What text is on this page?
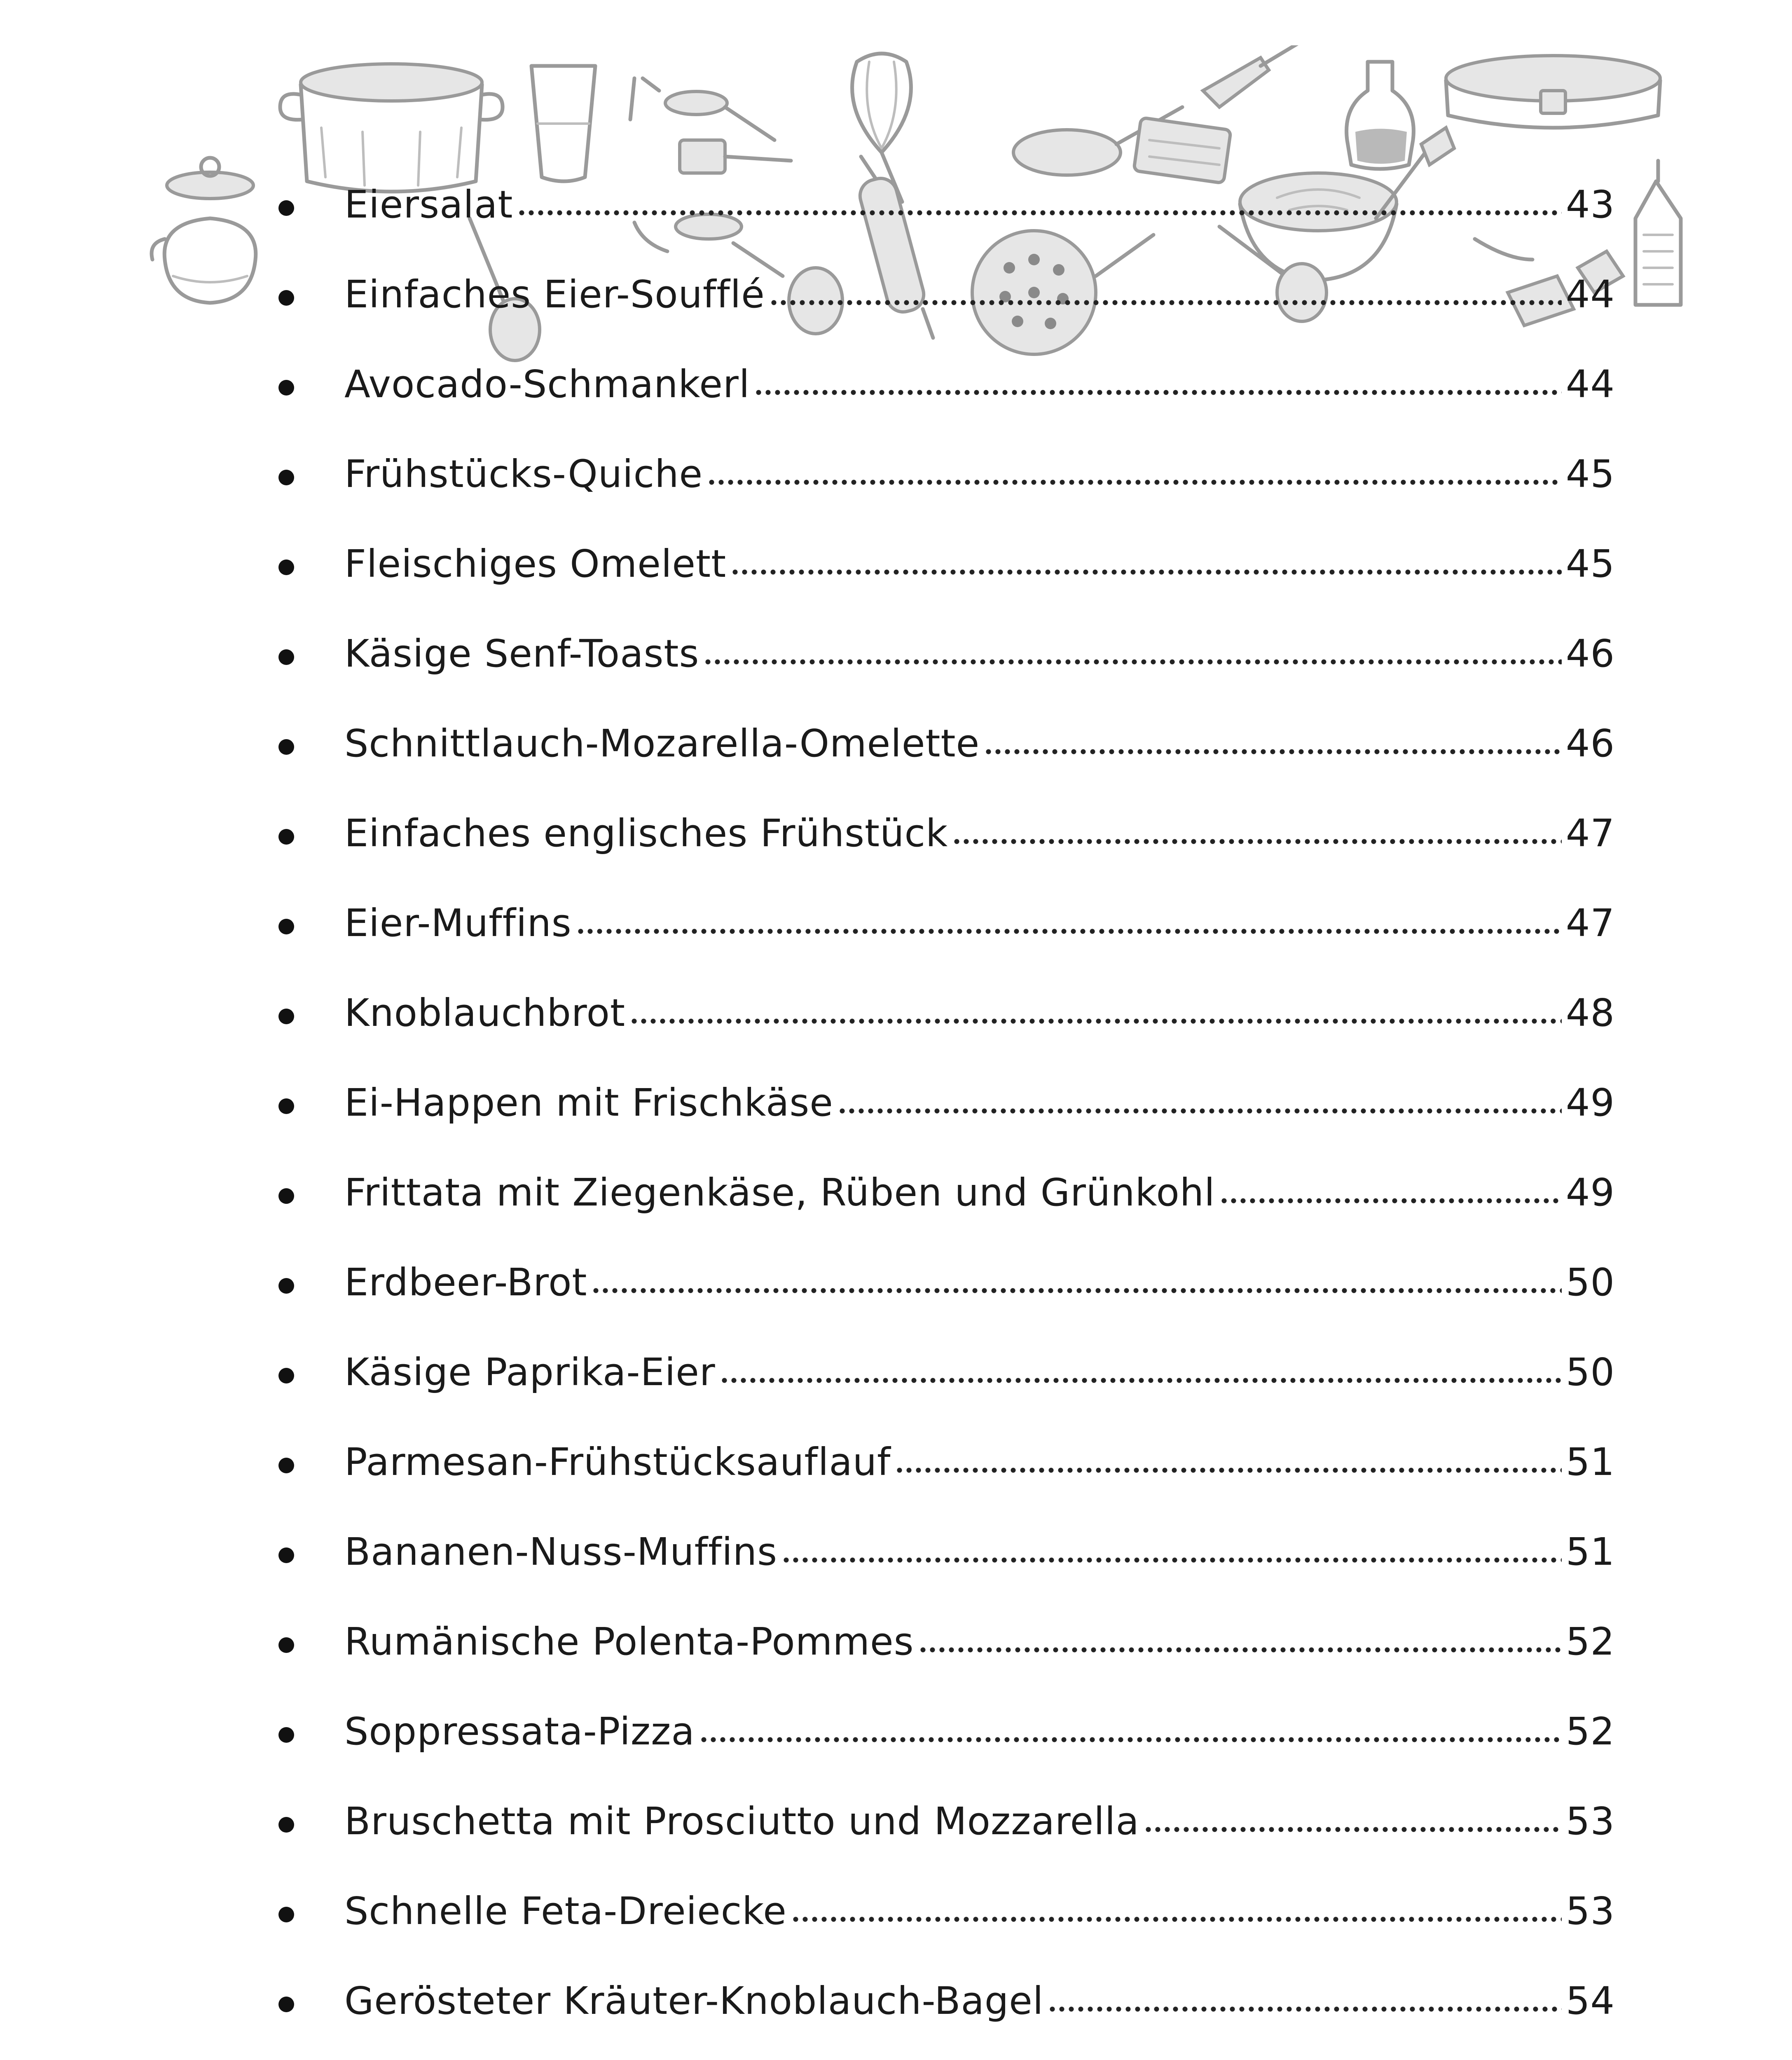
Eiersalat	43
Einfaches Eier-Soufflé	44
Avocado-Schmankerl	44
Frühstücks-Quiche	45
Fleischiges Omelett	45
Käsige Senf-Toasts	46
Schnittlauch-Mozarella-Omelette	46
Einfaches englisches Frühstück	47
Eier-Muffins	47
Knoblauchbrot	48
Ei-Happen mit Frischkäse	49
Frittata mit Ziegenkäse, Rüben und Grünkohl	49
Erdbeer-Brot	50
Käsige Paprika-Eier	50
Parmesan-Frühstücksauflauf	51
Bananen-Nuss-Muffins	51
Rumänische Polenta-Pommes	52
Soppressata-Pizza	52
Bruschetta mit Prosciutto und Mozzarella	53
Schnelle Feta-Dreiecke	53
Gerösteter Kräuter-Knoblauch-Bagel	54
